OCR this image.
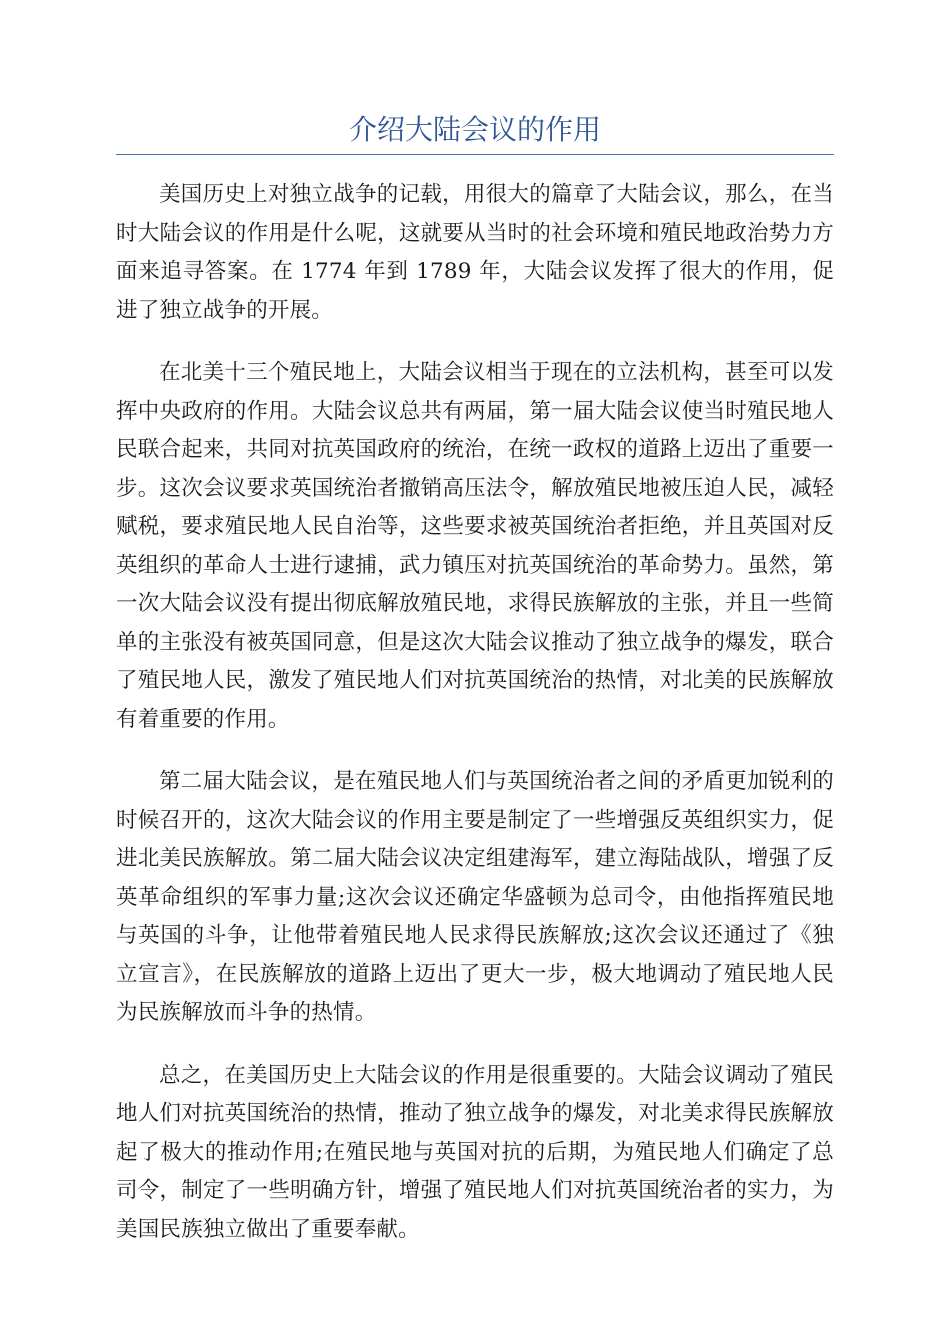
介绍大陆会议的作用

美国历史上对独立战争的记载，用很大的篇章了大陆会议，那么，在当时大陆会议的作用是什么呢，这就要从当时的社会环境和殖民地政治势力方面来追寻答案。在 1774 年到 1789 年，大陆会议发挥了很大的作用，促进了独立战争的开展。

在北美十三个殖民地上，大陆会议相当于现在的立法机构，甚至可以发挥中央政府的作用。大陆会议总共有两届，第一届大陆会议使当时殖民地人民联合起来，共同对抗英国政府的统治，在统一政权的道路上迈出了重要一步。这次会议要求英国统治者撤销高压法令，解放殖民地被压迫人民，减轻赋税，要求殖民地人民自治等，这些要求被英国统治者拒绝，并且英国对反英组织的革命人士进行逮捕，武力镇压对抗英国统治的革命势力。虽然，第一次大陆会议没有提出彻底解放殖民地，求得民族解放的主张，并且一些简单的主张没有被英国同意，但是这次大陆会议推动了独立战争的爆发，联合了殖民地人民，激发了殖民地人们对抗英国统治的热情，对北美的民族解放有着重要的作用。

第二届大陆会议，是在殖民地人们与英国统治者之间的矛盾更加锐利的时候召开的，这次大陆会议的作用主要是制定了一些增强反英组织实力，促进北美民族解放。第二届大陆会议决定组建海军，建立海陆战队，增强了反英革命组织的军事力量;这次会议还确定华盛顿为总司令，由他指挥殖民地与英国的斗争，让他带着殖民地人民求得民族解放;这次会议还通过了《独立宣言》，在民族解放的道路上迈出了更大一步，极大地调动了殖民地人民为民族解放而斗争的热情。

总之，在美国历史上大陆会议的作用是很重要的。大陆会议调动了殖民地人们对抗英国统治的热情，推动了独立战争的爆发，对北美求得民族解放起了极大的推动作用;在殖民地与英国对抗的后期，为殖民地人们确定了总司令，制定了一些明确方针，增强了殖民地人们对抗英国统治者的实力，为美国民族独立做出了重要奉献。
